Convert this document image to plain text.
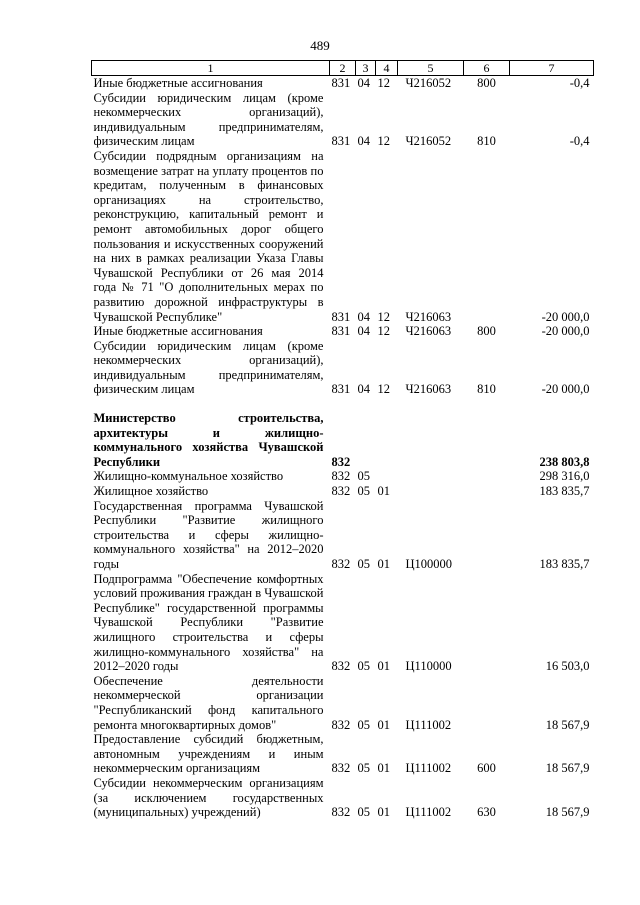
489
1	2	3	4	5	6	7
Иные бюджетные ассигнования	831	04	12	Ч216052	800	-0,4
Субсидии юридическим лицам (кроме некоммерческих организаций), индивидуальным предпринимателям, физическим лицам	831	04	12	Ч216052	810	-0,4
Субсидии подрядным организациям на возмещение затрат на уплату процентов по кредитам, полученным в финансовых организациях на строительство, реконструкцию, капитальный ремонт и ремонт автомобильных дорог общего пользования и искусственных сооружений на них в рамках реализации Указа Главы Чувашской Республики от 26 мая 2014 года № 71 "О дополнительных мерах по развитию дорожной инфраструктуры в Чувашской Республике"	831	04	12	Ч216063		-20 000,0
Иные бюджетные ассигнования	831	04	12	Ч216063	800	-20 000,0
Субсидии юридическим лицам (кроме некоммерческих организаций), индивидуальным предпринимателям, физическим лицам	831	04	12	Ч216063	810	-20 000,0

Министерство строительства, архитектуры и жилищно-коммунального хозяйства Чувашской Республики	832					238 803,8
Жилищно-коммунальное хозяйство	832	05				298 316,0
Жилищное хозяйство	832	05	01			183 835,7
Государственная программа Чувашской Республики "Развитие жилищного строительства и сферы жилищно-коммунального хозяйства" на 2012–2020 годы	832	05	01	Ц100000		183 835,7
Подпрограмма "Обеспечение комфортных условий проживания граждан в Чувашской Республике" государственной программы Чувашской Республики "Развитие жилищного строительства и сферы жилищно-коммунального хозяйства" на 2012–2020 годы	832	05	01	Ц110000		16 503,0
Обеспечение деятельности некоммерческой организации "Республиканский фонд капитального ремонта многоквартирных домов"	832	05	01	Ц111002		18 567,9
Предоставление субсидий бюджетным, автономным учреждениям и иным некоммерческим организациям	832	05	01	Ц111002	600	18 567,9
Субсидии некоммерческим организациям (за исключением государственных (муниципальных) учреждений)	832	05	01	Ц111002	630	18 567,9
